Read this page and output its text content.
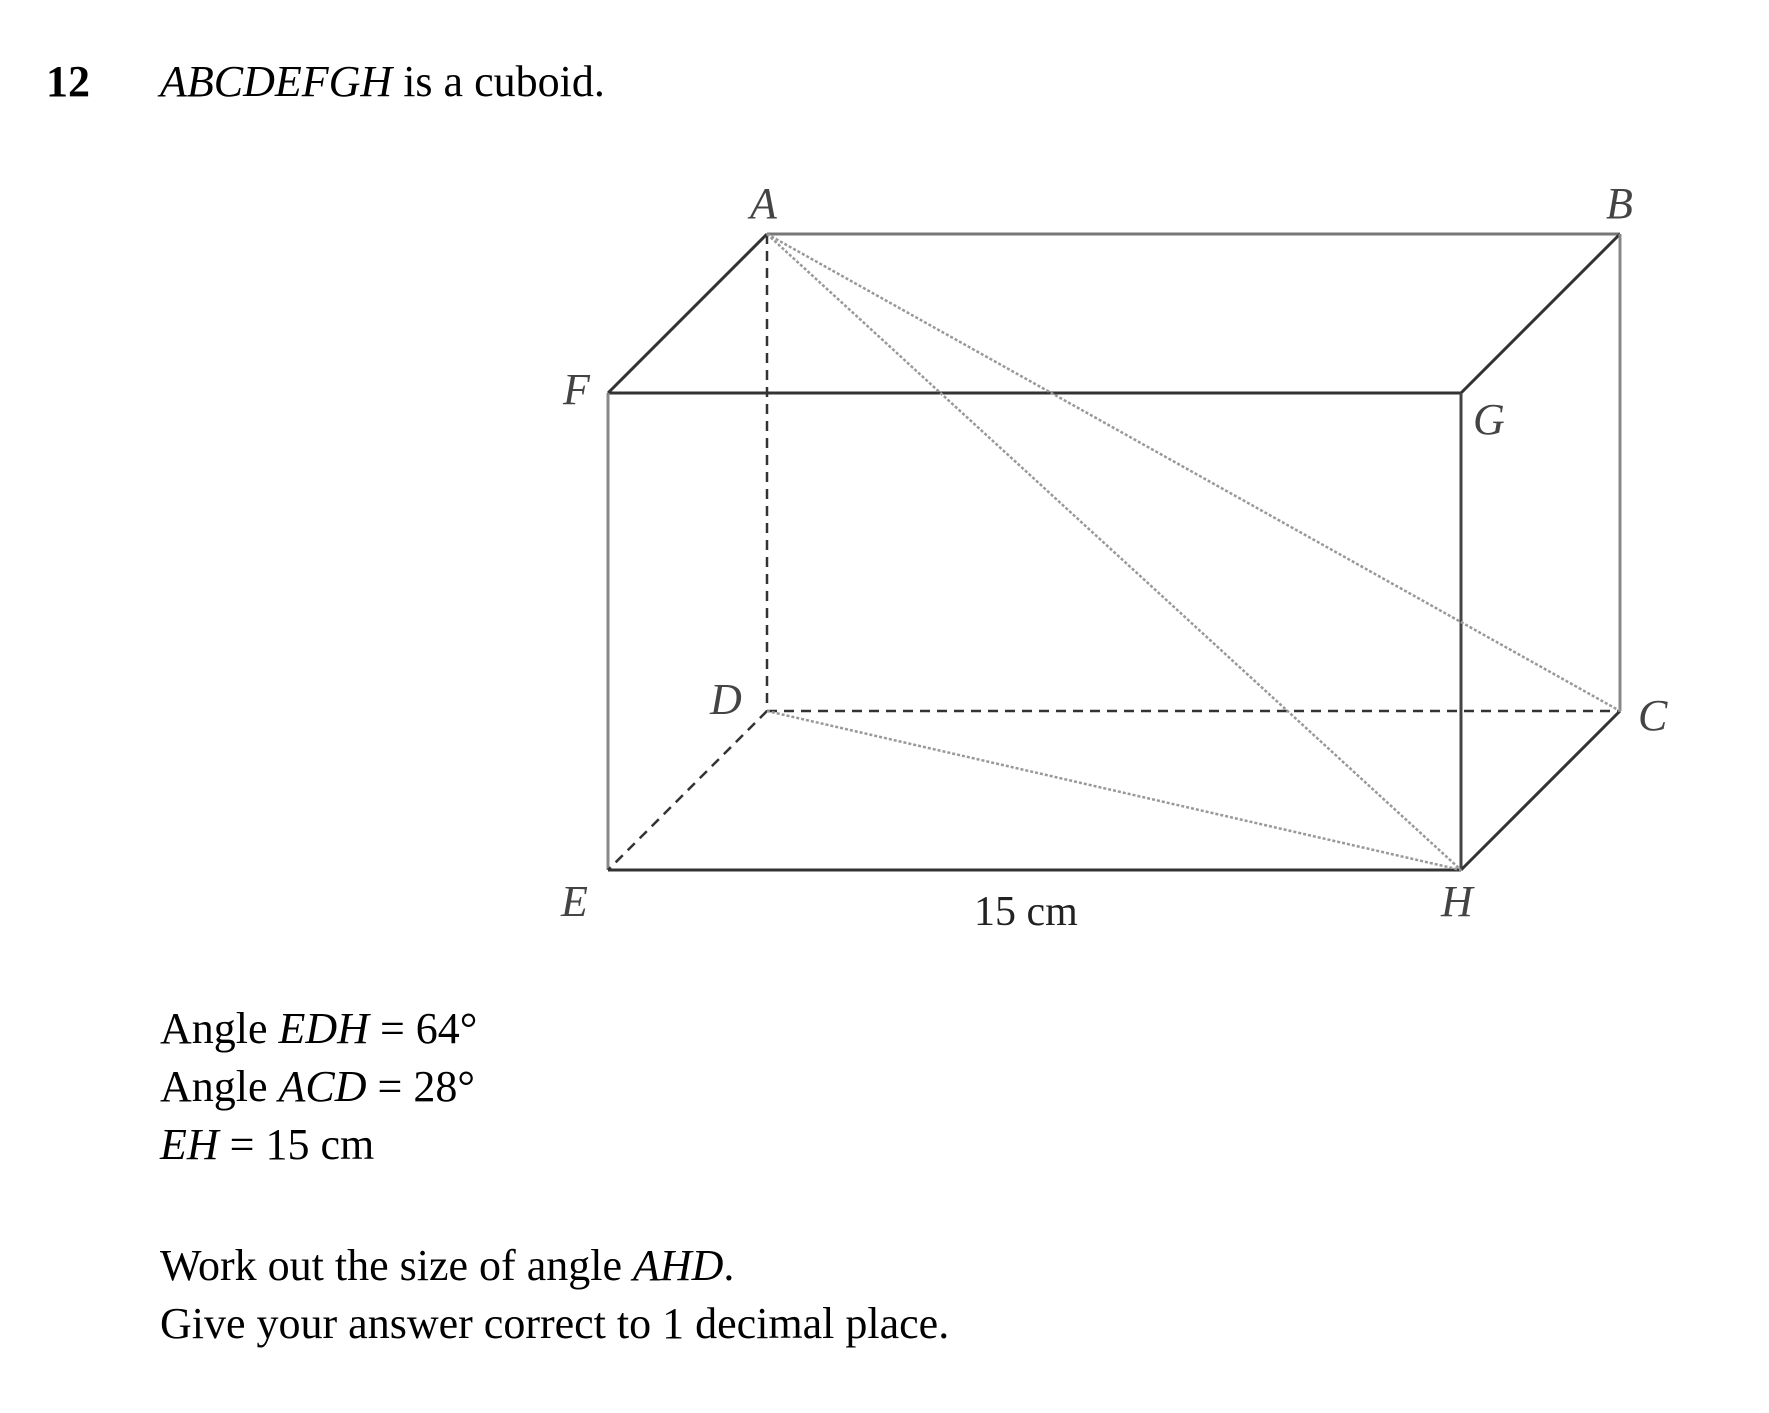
12 ABCDEFGH is a cuboid.
A	B
F
G
D	C
E	H
15 cm
Angle EDH = 64°
Angle ACD = 28°
EH = 15 cm
Work out the size of angle AHD.
Give your answer correct to 1 decimal place.
